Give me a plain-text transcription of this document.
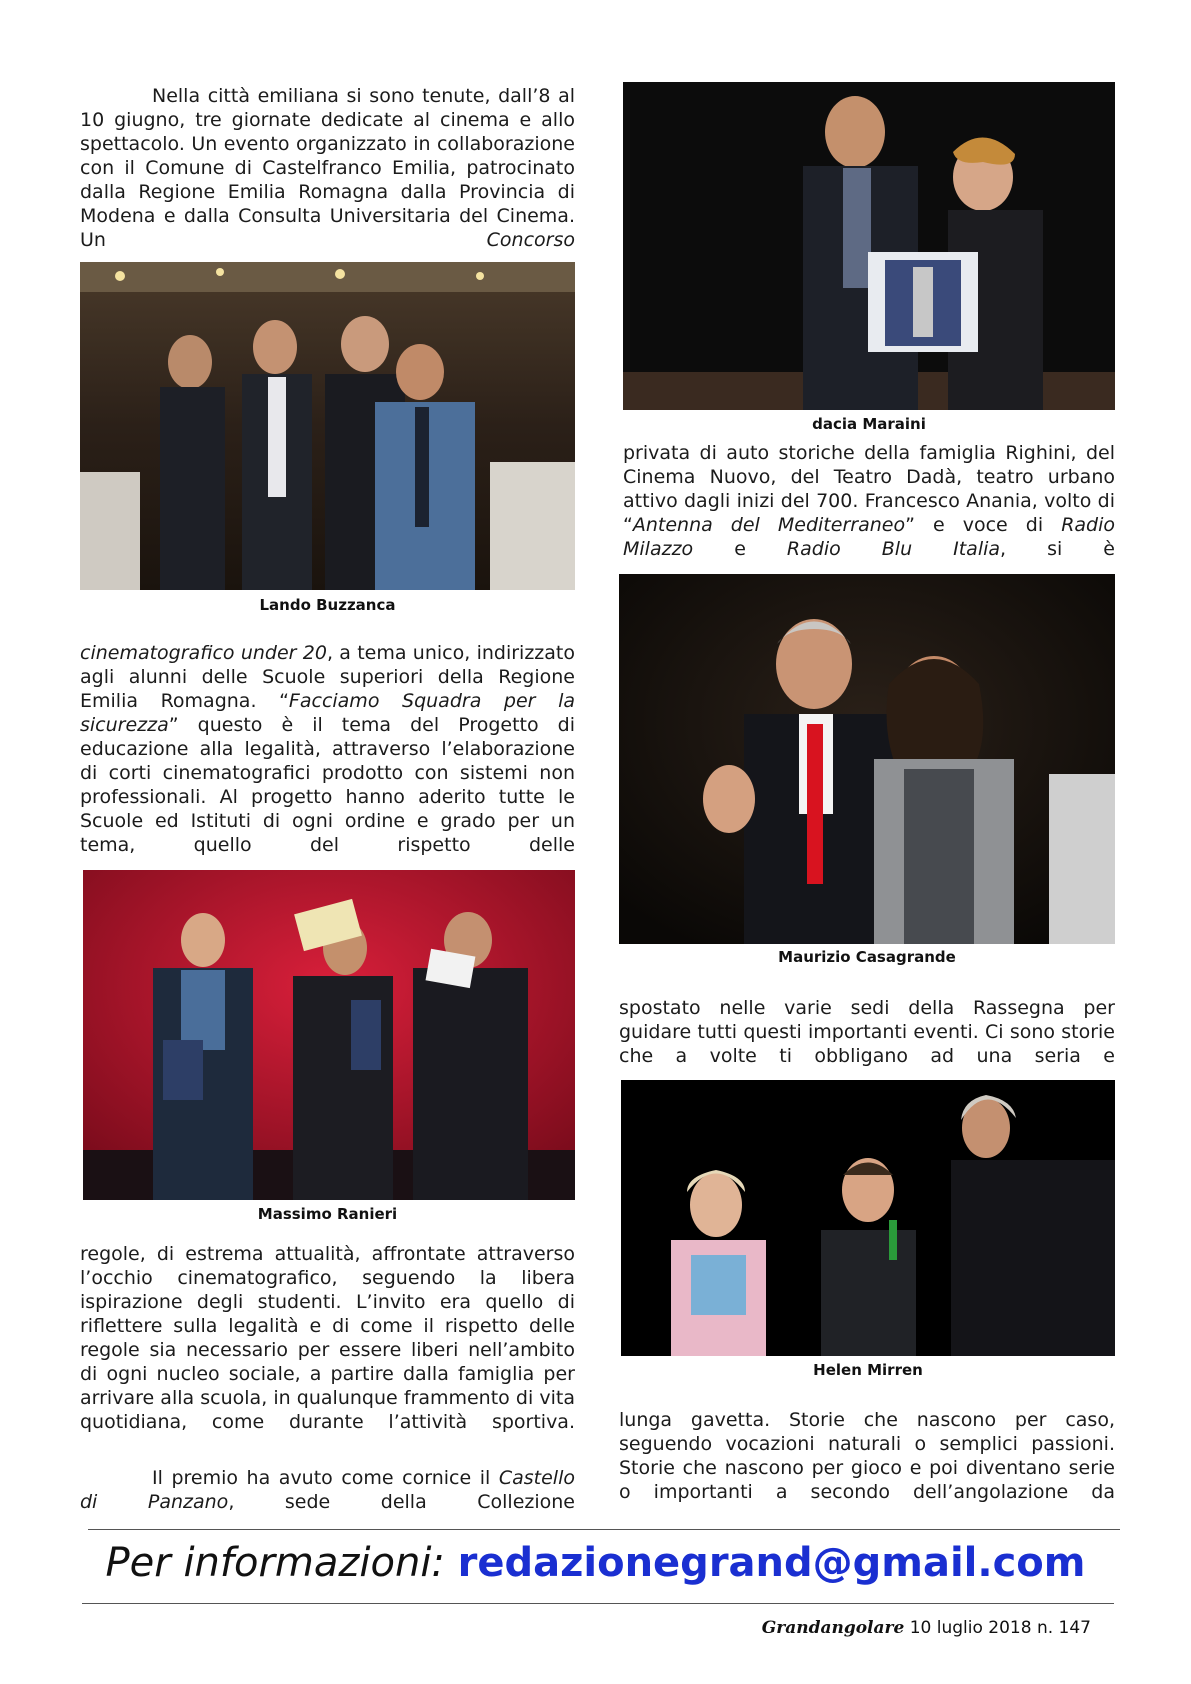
Nella città emiliana si sono tenute, dall’8 al 10 giugno, tre giornate dedicate al cinema e allo spettacolo. Un evento organizzato in collaborazione con il Comune di Castelfranco Emilia, patrocinato dalla Regione Emilia Romagna dalla Provincia di Modena e dalla Consulta Universitaria del Cinema. Un Concorso

Lando Buzzanca

cinematografico under 20, a tema unico, indirizzato agli alunni delle Scuole superiori della Regione Emilia Romagna. “Facciamo Squadra per la sicurezza” questo è il tema del Progetto di educazione alla legalità, attraverso l’elaborazione di corti cinematografici prodotto con sistemi non professionali. Al progetto hanno aderito tutte le Scuole ed Istituti di ogni ordine e grado per un tema, quello del rispetto delle

Massimo Ranieri

regole, di estrema attualità, affrontate attraverso l’occhio cinematografico, seguendo la libera ispirazione degli studenti. L’invito era quello di riflettere sulla legalità e di come il rispetto delle regole sia necessario per essere liberi nell’ambito di ogni nucleo sociale, a partire dalla famiglia per arrivare alla scuola, in qualunque frammento di vita quotidiana, come durante l’attività sportiva.

Il premio ha avuto come cornice il Castello di Panzano, sede della Collezione

dacia Maraini

privata di auto storiche della famiglia Righini, del Cinema Nuovo, del Teatro Dadà, teatro urbano attivo dagli inizi del 700. Francesco Anania, volto di “Antenna del Mediterraneo” e voce di Radio Milazzo e Radio Blu Italia, si è

Maurizio Casagrande

spostato nelle varie sedi della Rassegna per guidare tutti questi importanti eventi. Ci sono storie che a volte ti obbligano ad una seria e

Helen Mirren

lunga gavetta. Storie che nascono per caso, seguendo vocazioni naturali o semplici passioni. Storie che nascono per gioco e poi diventano serie o importanti a secondo dell’angolazione da

Per informazioni: redazionegrand@gmail.com
Grandangolare 10 luglio 2018 n. 147
